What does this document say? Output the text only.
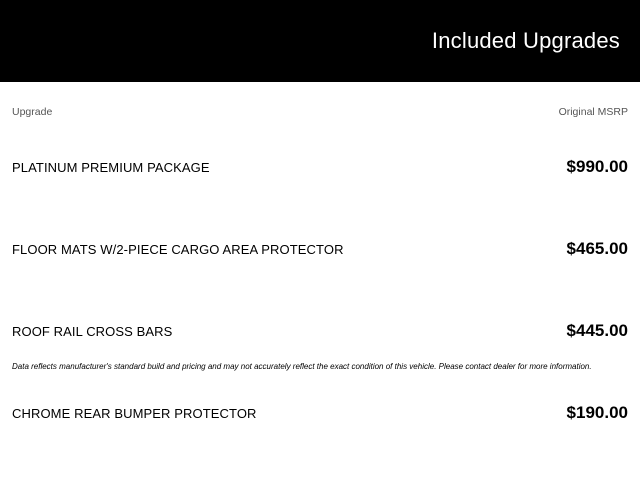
Included Upgrades
Upgrade	Original MSRP
PLATINUM PREMIUM PACKAGE	$990.00
FLOOR MATS W/2-PIECE CARGO AREA PROTECTOR	$465.00
ROOF RAIL CROSS BARS	$445.00
CHROME REAR BUMPER PROTECTOR	$190.00
Data reflects manufacturer's standard build and pricing and may not accurately reflect the exact condition of this vehicle. Please contact dealer for more information.
